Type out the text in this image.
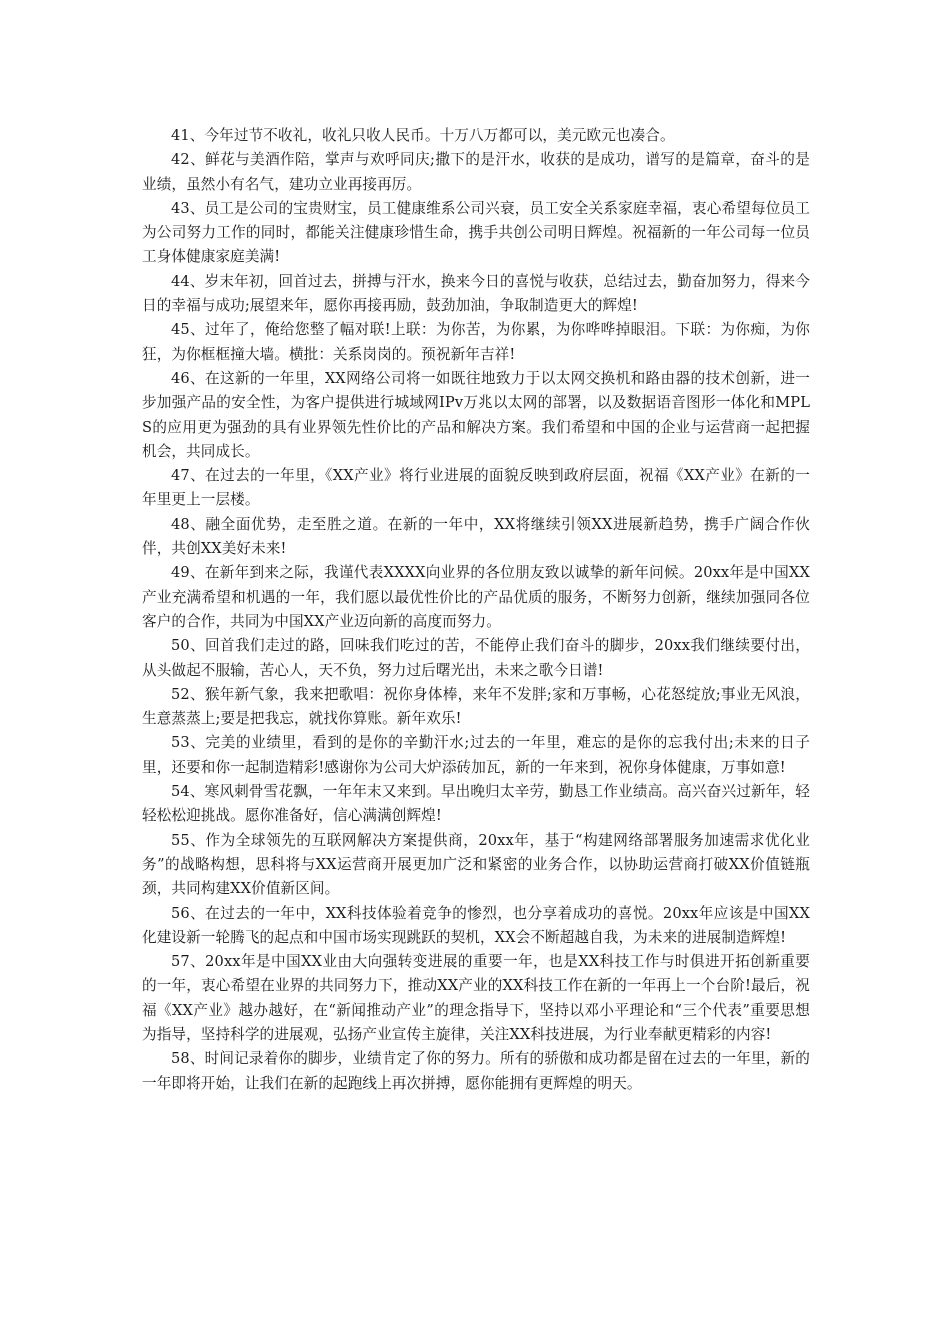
41、今年过节不收礼，收礼只收人民币。十万八万都可以，美元欧元也凑合。

42、鲜花与美酒作陪，掌声与欢呼同庆;撒下的是汗水，收获的是成功，谱写的是篇章，奋斗的是业绩，虽然小有名气，建功立业再接再厉。

43、员工是公司的宝贵财宝，员工健康维系公司兴衰，员工安全关系家庭幸福，衷心希望每位员工为公司努力工作的同时，都能关注健康珍惜生命，携手共创公司明日辉煌。祝福新的一年公司每一位员工身体健康家庭美满!

44、岁末年初，回首过去，拼搏与汗水，换来今日的喜悦与收获，总结过去，勤奋加努力，得来今日的幸福与成功;展望来年，愿你再接再励，鼓劲加油，争取制造更大的辉煌!

45、过年了，俺给您整了幅对联!上联：为你苦，为你累，为你哗哗掉眼泪。下联：为你痴，为你狂，为你框框撞大墙。横批：关系岗岗的。预祝新年吉祥!

46、在这新的一年里，XX网络公司将一如既往地致力于以太网交换机和路由器的技术创新，进一步加强产品的安全性，为客户提供进行城域网IPv万兆以太网的部署，以及数据语音图形一体化和MPLS的应用更为强劲的具有业界领先性价比的产品和解决方案。我们希望和中国的企业与运营商一起把握机会，共同成长。

47、在过去的一年里，《XX产业》将行业进展的面貌反映到政府层面，祝福《XX产业》在新的一年里更上一层楼。

48、融全面优势，走至胜之道。在新的一年中，XX将继续引领XX进展新趋势，携手广阔合作伙伴，共创XX美好未来!

49、在新年到来之际，我谨代表XXXX向业界的各位朋友致以诚挚的新年问候。20xx年是中国XX产业充满希望和机遇的一年，我们愿以最优性价比的产品优质的服务，不断努力创新，继续加强同各位客户的合作，共同为中国XX产业迈向新的高度而努力。

50、回首我们走过的路，回味我们吃过的苦，不能停止我们奋斗的脚步，20xx我们继续要付出，从头做起不服输，苦心人，天不负，努力过后曙光出，未来之歌今日谱!

52、猴年新气象，我来把歌唱：祝你身体棒，来年不发胖;家和万事畅，心花怒绽放;事业无风浪，生意蒸蒸上;要是把我忘，就找你算账。新年欢乐!

53、完美的业绩里，看到的是你的辛勤汗水;过去的一年里，难忘的是你的忘我付出;未来的日子里，还要和你一起制造精彩!感谢你为公司大炉添砖加瓦，新的一年来到，祝你身体健康，万事如意!

54、寒风刺骨雪花飘，一年年末又来到。早出晚归太辛劳，勤恳工作业绩高。高兴奋兴过新年，轻轻松松迎挑战。愿你准备好，信心满满创辉煌!

55、作为全球领先的互联网解决方案提供商，20xx年，基于“构建网络部署服务加速需求优化业务”的战略构想，思科将与XX运营商开展更加广泛和紧密的业务合作，以协助运营商打破XX价值链瓶颈，共同构建XX价值新区间。

56、在过去的一年中，XX科技体验着竞争的惨烈，也分享着成功的喜悦。20xx年应该是中国XX化建设新一轮腾飞的起点和中国市场实现跳跃的契机，XX会不断超越自我，为未来的进展制造辉煌!

57、20xx年是中国XX业由大向强转变进展的重要一年，也是XX科技工作与时俱进开拓创新重要的一年，衷心希望在业界的共同努力下，推动XX产业的XX科技工作在新的一年再上一个台阶!最后，祝福《XX产业》越办越好，在“新闻推动产业”的理念指导下，坚持以邓小平理论和“三个代表”重要思想为指导，坚持科学的进展观，弘扬产业宣传主旋律，关注XX科技进展，为行业奉献更精彩的内容!

58、时间记录着你的脚步，业绩肯定了你的努力。所有的骄傲和成功都是留在过去的一年里，新的一年即将开始，让我们在新的起跑线上再次拼搏，愿你能拥有更辉煌的明天。
